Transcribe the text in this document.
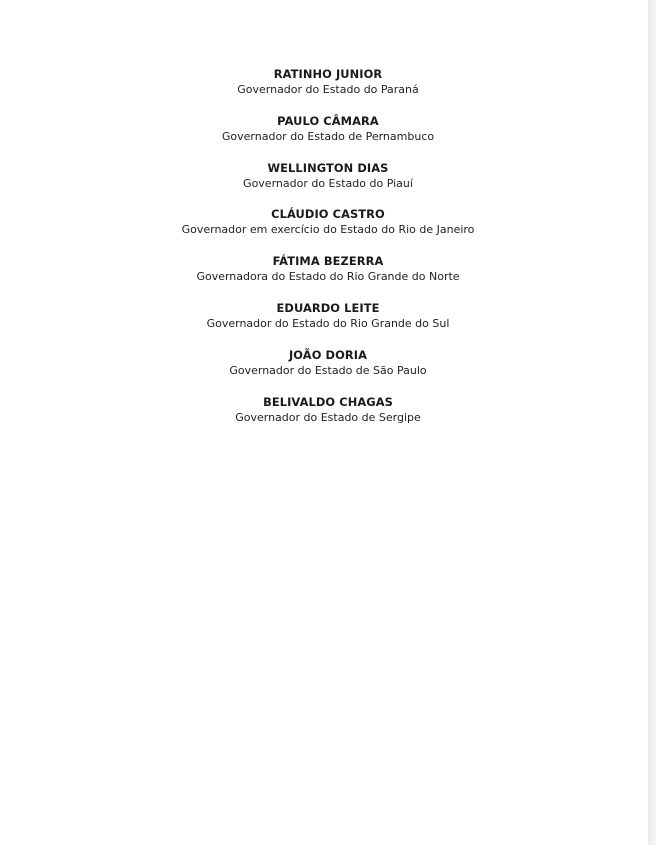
RATINHO JUNIOR
Governador do Estado do Paraná
PAULO CÂMARA
Governador do Estado de Pernambuco
WELLINGTON DIAS
Governador do Estado do Piauí
CLÁUDIO CASTRO
Governador em exercício do Estado do Rio de Janeiro
FÁTIMA BEZERRA
Governadora do Estado do Rio Grande do Norte
EDUARDO LEITE
Governador do Estado do Rio Grande do Sul
JOÃO DORIA
Governador do Estado de São Paulo
BELIVALDO CHAGAS
Governador do Estado de Sergipe
